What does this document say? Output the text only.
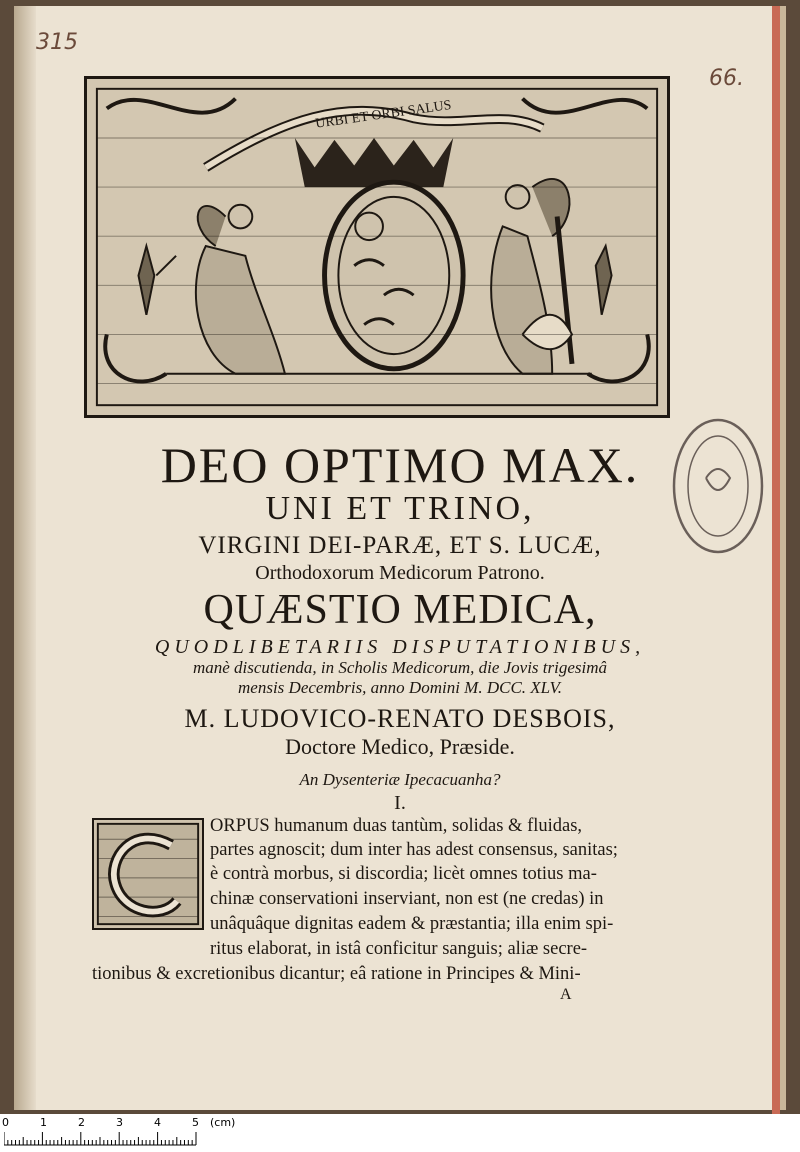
315
66.
URBI ET ORBI SALUS
DEO OPTIMO MAX.
UNI ET TRINO,
VIRGINI DEI-PARÆ, ET S. LUCÆ,
Orthodoxorum Medicorum Patrono.
QUÆSTIO MEDICA,
QUODLIBETARIIS DISPUTATIONIBUS,
manè discutienda, in Scholis Medicorum, die Jovis trigesimâ
mensis Decembris, anno Domini M. DCC. XLV.
M. LUDOVICO-RENATO DESBOIS,
Doctore Medico, Præside.
An Dysenteriæ Ipecacuanha?
I.
ORPUS humanum duas tantùm, solidas & fluidas,
partes agnoscit; dum inter has adest consensus, sanitas;
è contrà morbus, si discordia; licèt omnes totius ma-
chinæ conservationi inserviant, non est (ne credas) in
unâquâque dignitas eadem & præstantia; illa enim spi-
ritus elaborat, in istâ conficitur sanguis; aliæ secre-
tionibus & excretionibus dicantur; eâ ratione in Principes & Mini-
A
0	1	2	3	4	5 (cm)
